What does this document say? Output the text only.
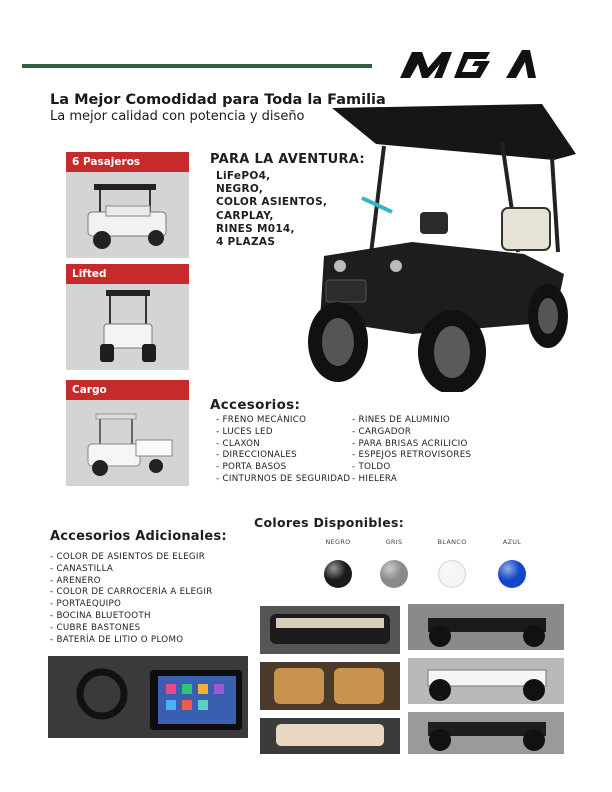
La Mejor Comodidad para Toda la Familia
La mejor calidad con potencia y diseño
6 Pasajeros
Lifted
Cargo
PARA LA AVENTURA:
LiFePO4,
NEGRO,
COLOR ASIENTOS,
CARPLAY,
RINES M014,
4 PLAZAS
Accesorios:
- FRENO MECÁNICO
- LUCES LED
- CLAXON
- DIRECCIONALES
- PORTA BASOS
- CINTURNOS DE SEGURIDAD
- RINES DE ALUMINIO
- CARGADOR
- PARA BRISAS ACRILICIO
- ESPEJOS RETROVISORES
- TOLDO
- HIELERA
Accesorios Adicionales:
- COLOR DE ASIENTOS DE ELEGIR
- CANASTILLA
- ARENERO
- COLOR DE CARROCERÍA A ELEGIR
- PORTAEQUIPO
- BOCINA BLUETOOTH
- CUBRE BASTONES
- BATERÍA DE LITIO O PLOMO
Colores Disponibles:
NEGRO	GRIS	BLANCO	AZUL
